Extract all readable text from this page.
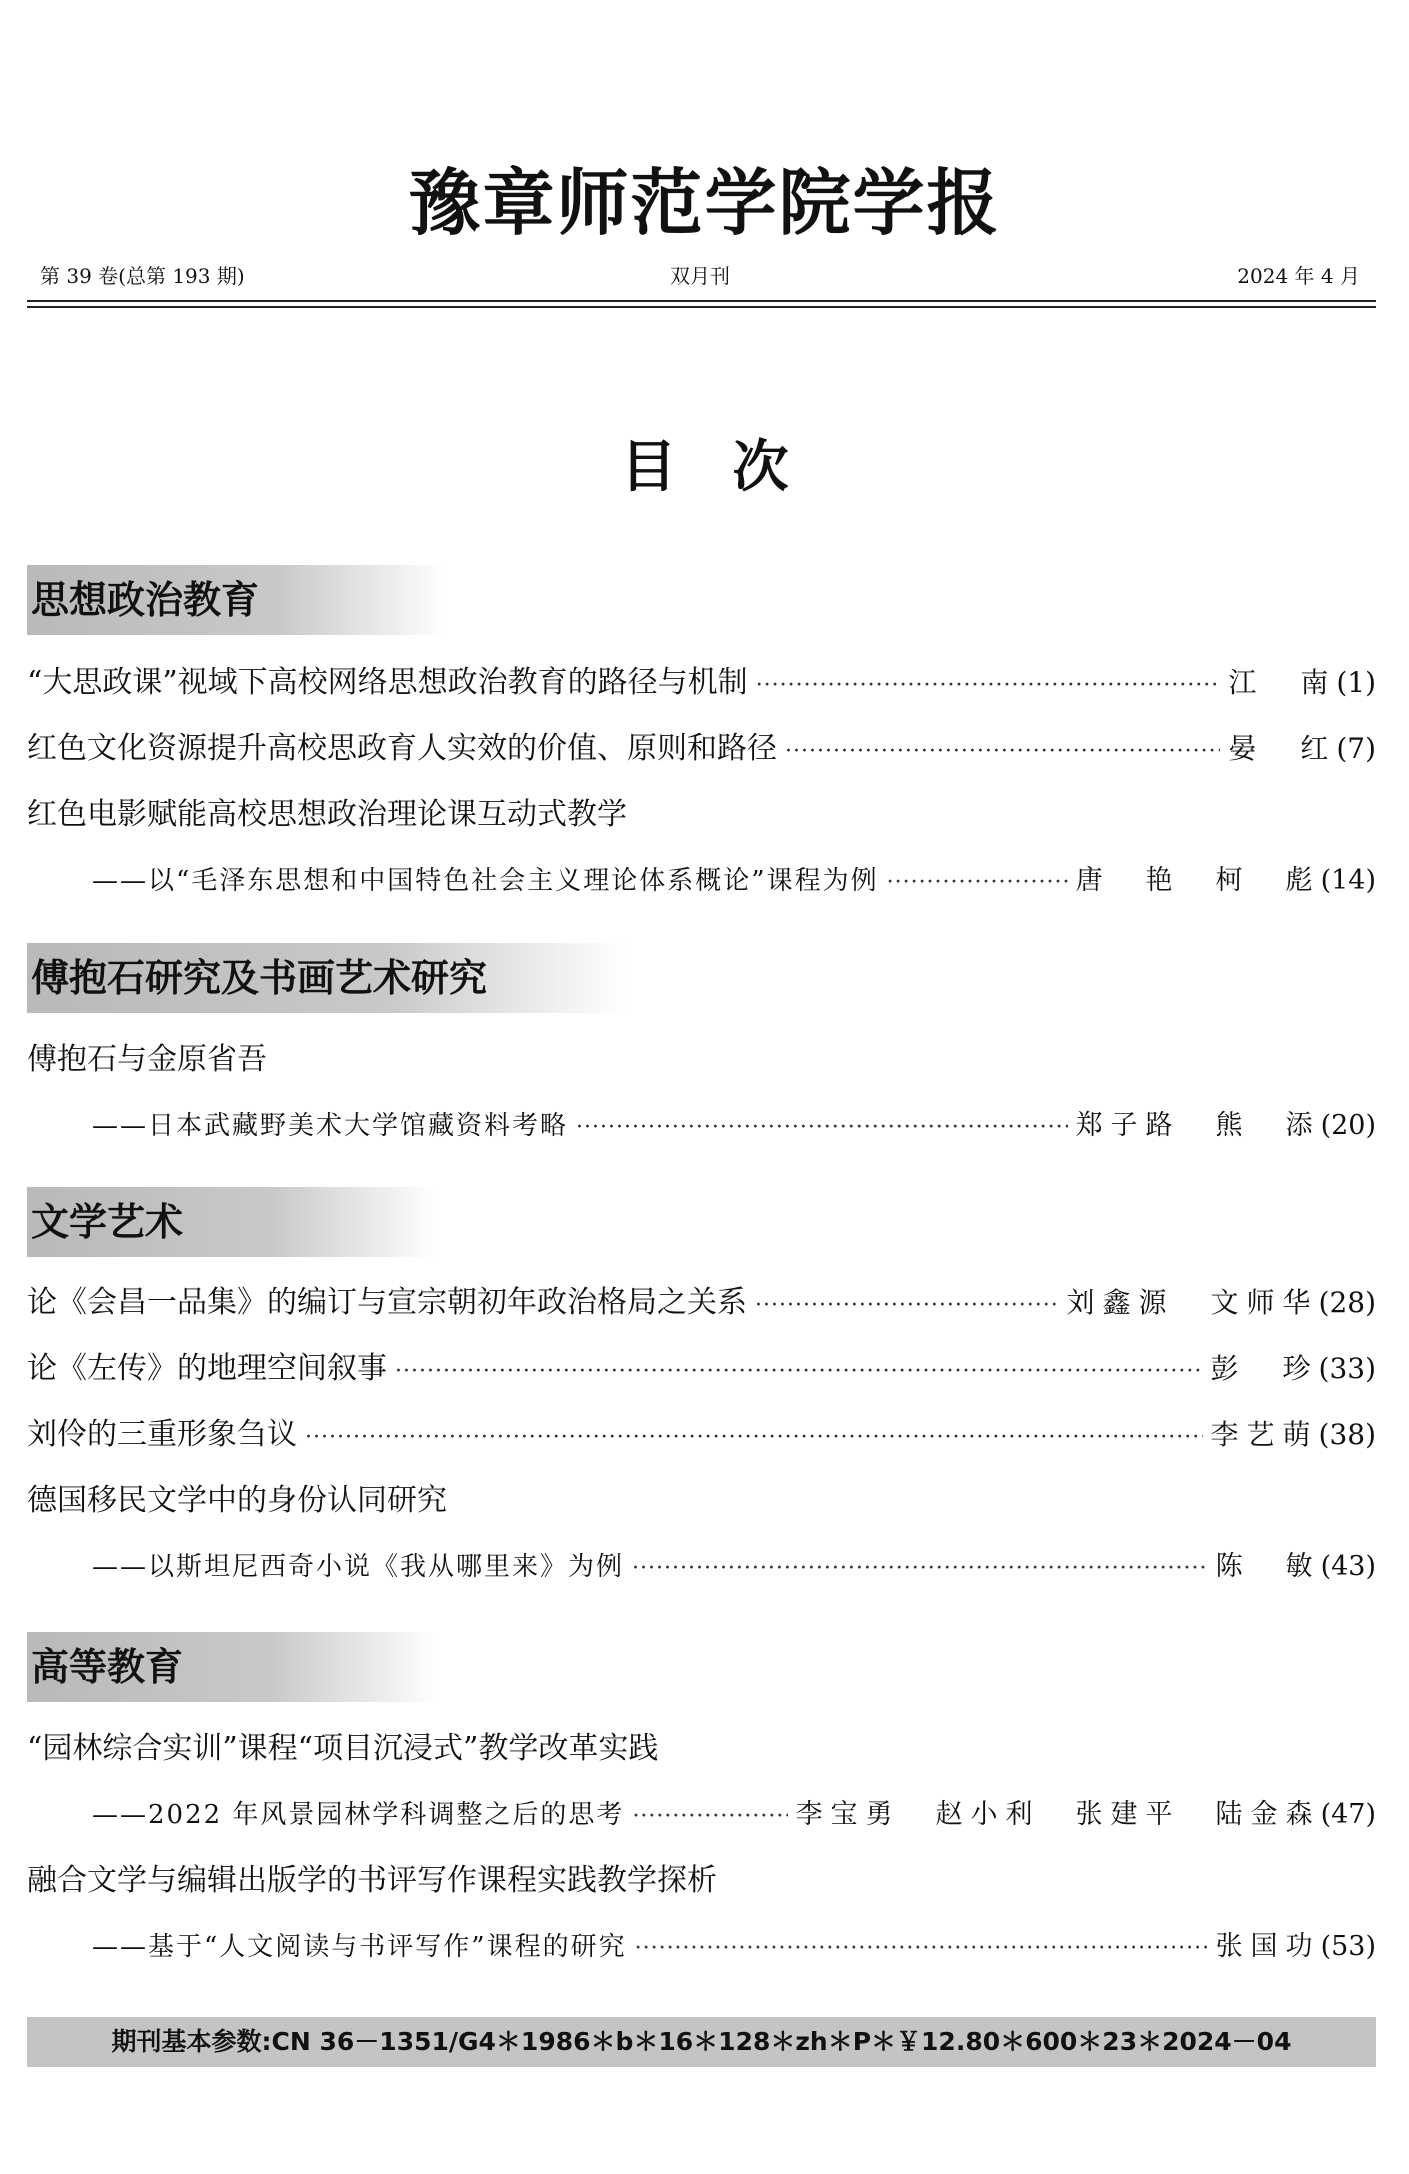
豫章师范学院学报
第 39 卷(总第 193 期)	双月刊	2024 年 4 月
目次
思想政治教育
“大思政课”视域下高校网络思想政治教育的路径与机制 ·····	江　南 (1)
红色文化资源提升高校思政育人实效的价值、原则和路径 ·····	晏　红 (7)
红色电影赋能高校思想政治理论课互动式教学
——以“毛泽东思想和中国特色社会主义理论体系概论”课程为例 ·····	唐　艳　柯　彪 (14)
傅抱石研究及书画艺术研究
傅抱石与金原省吾
——日本武藏野美术大学馆藏资料考略 ·····	郑子路　熊　添 (20)
文学艺术
论《会昌一品集》的编订与宣宗朝初年政治格局之关系 ·····	刘鑫源　文师华 (28)
论《左传》的地理空间叙事 ·····	彭　珍 (33)
刘伶的三重形象刍议 ·····	李艺萌 (38)
德国移民文学中的身份认同研究
——以斯坦尼西奇小说《我从哪里来》为例 ·····	陈　敏 (43)
高等教育
“园林综合实训”课程“项目沉浸式”教学改革实践
——2022 年风景园林学科调整之后的思考 ·····	李宝勇　赵小利　张建平　陆金森 (47)
融合文学与编辑出版学的书评写作课程实践教学探析
——基于“人文阅读与书评写作”课程的研究 ·····	张国功 (53)
期刊基本参数:CN 36－1351/G4＊1986＊b＊16＊128＊zh＊P＊￥12.80＊600＊23＊2024－04
